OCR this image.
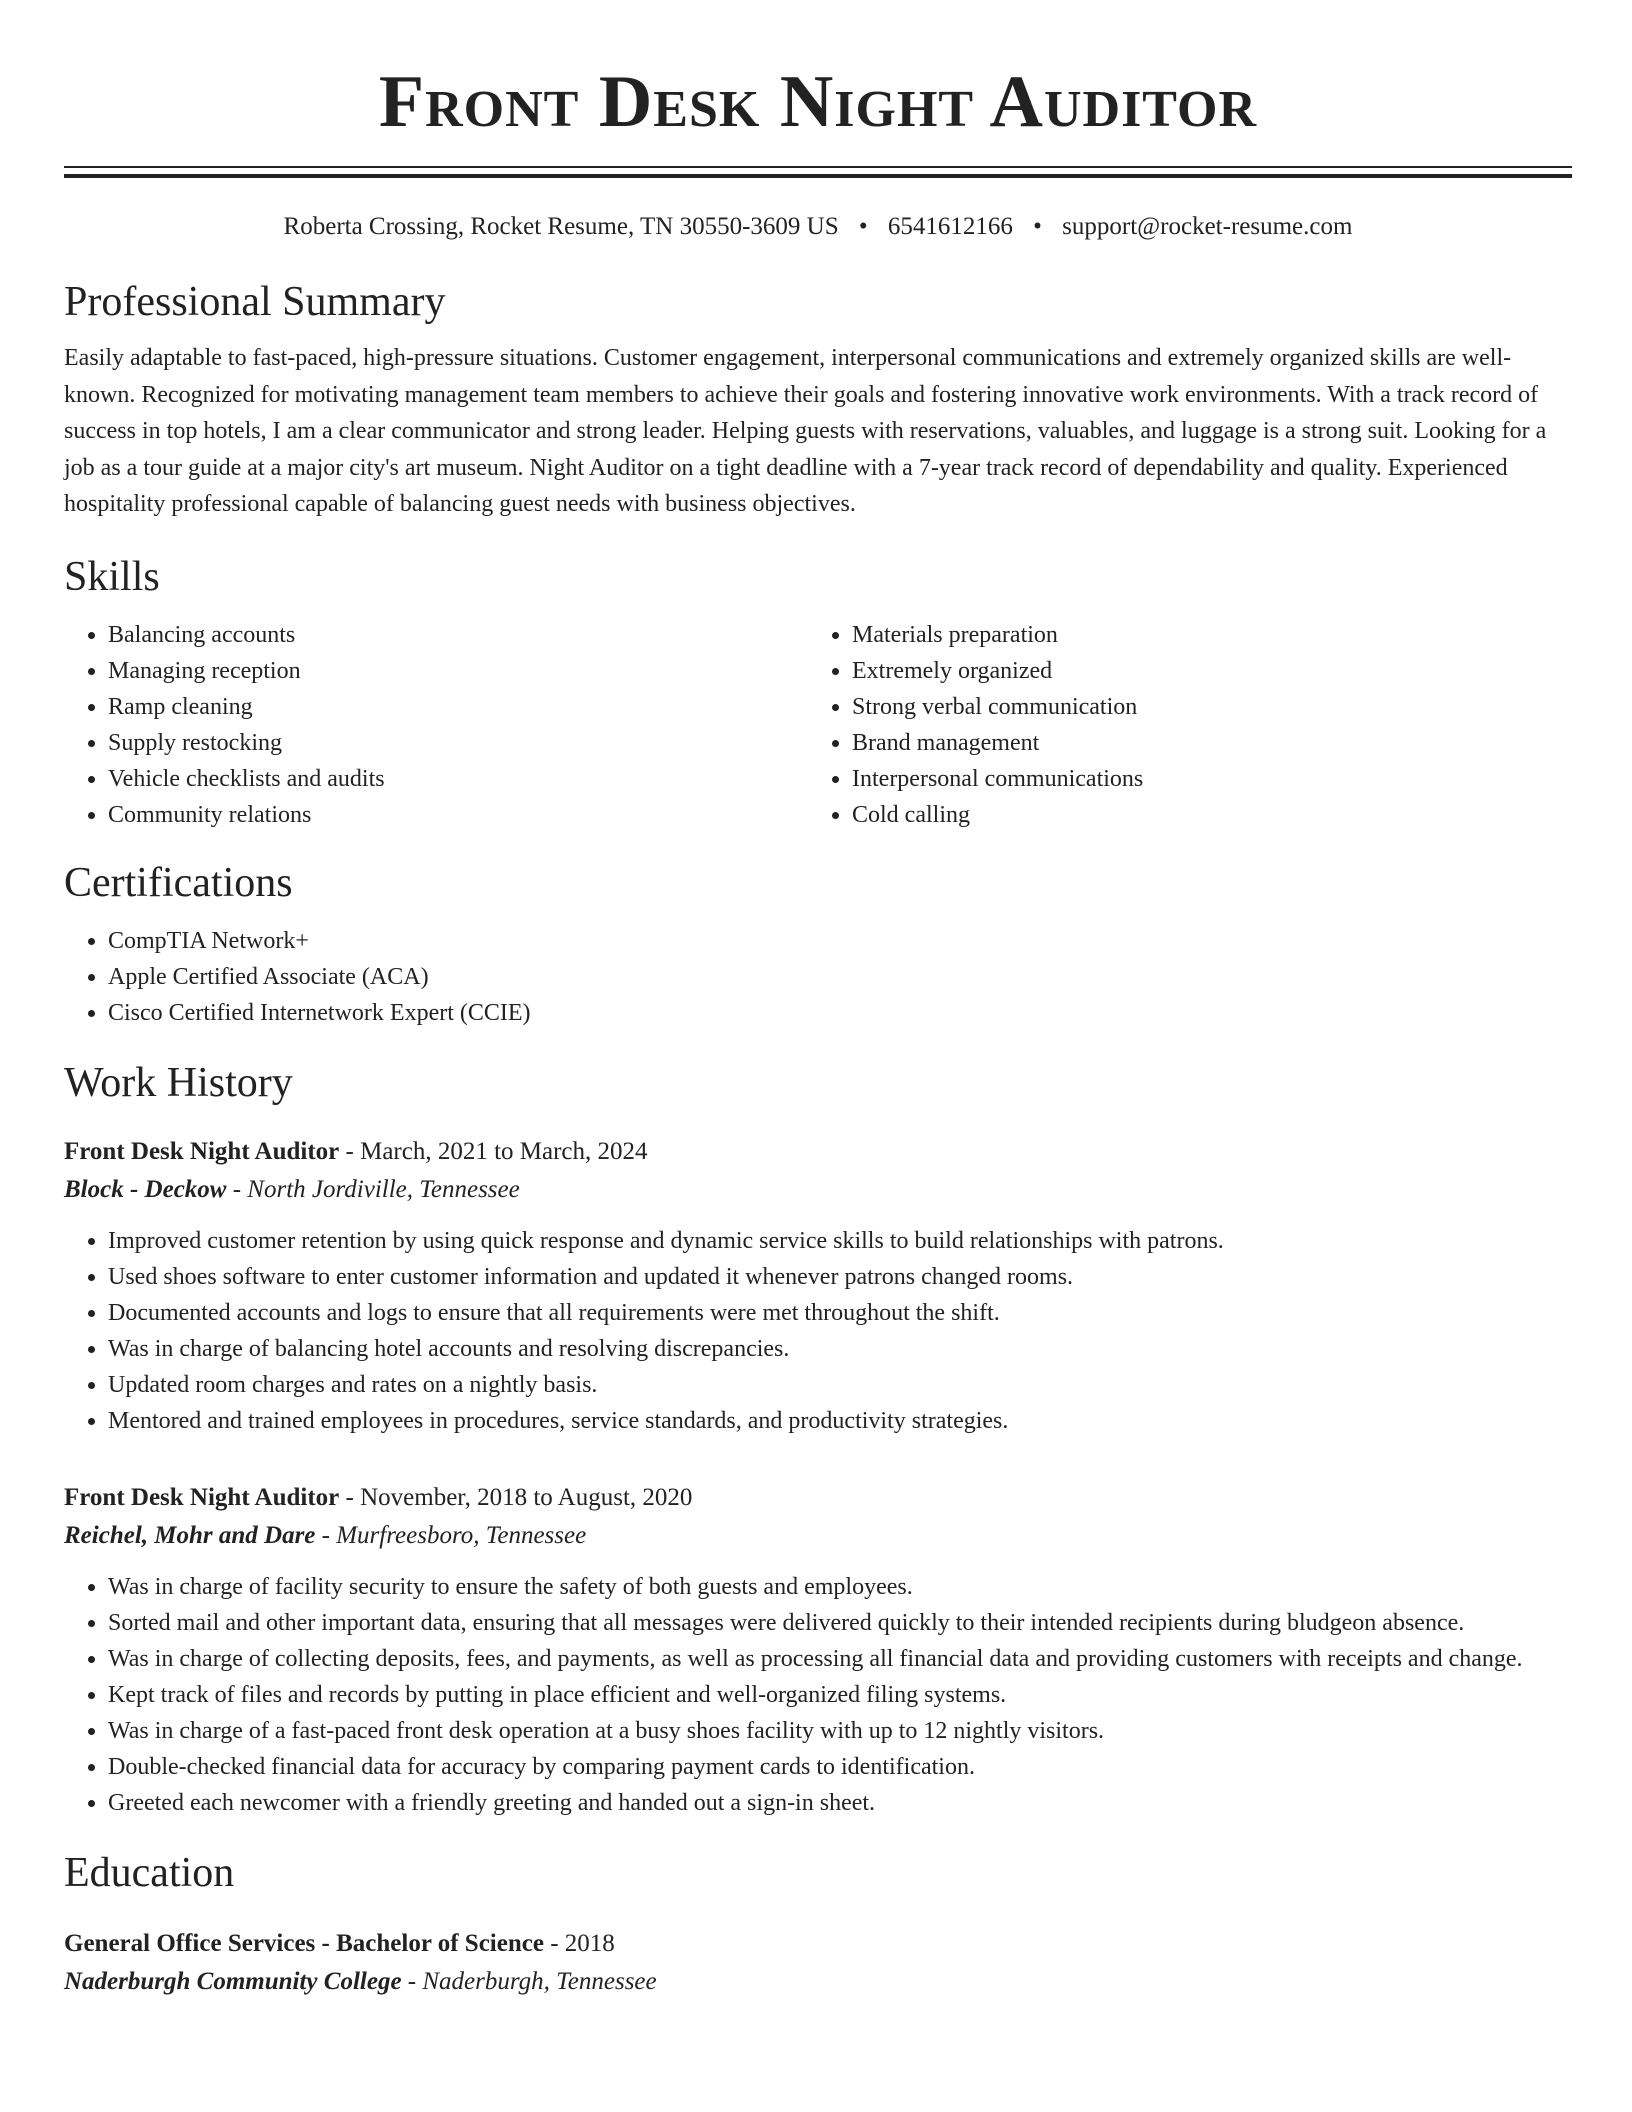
Front Desk Night Auditor
Roberta Crossing, Rocket Resume, TN 30550-3609 US • 6541612166 • support@rocket-resume.com
Professional Summary
Easily adaptable to fast-paced, high-pressure situations. Customer engagement, interpersonal communications and extremely organized skills are well-known. Recognized for motivating management team members to achieve their goals and fostering innovative work environments. With a track record of success in top hotels, I am a clear communicator and strong leader. Helping guests with reservations, valuables, and luggage is a strong suit. Looking for a job as a tour guide at a major city's art museum. Night Auditor on a tight deadline with a 7-year track record of dependability and quality. Experienced hospitality professional capable of balancing guest needs with business objectives.
Skills
• Balancing accounts
• Managing reception
• Ramp cleaning
• Supply restocking
• Vehicle checklists and audits
• Community relations
• Materials preparation
• Extremely organized
• Strong verbal communication
• Brand management
• Interpersonal communications
• Cold calling
Certifications
• CompTIA Network+
• Apple Certified Associate (ACA)
• Cisco Certified Internetwork Expert (CCIE)
Work History
Front Desk Night Auditor - March, 2021 to March, 2024
Block - Deckow - North Jordiville, Tennessee
• Improved customer retention by using quick response and dynamic service skills to build relationships with patrons.
• Used shoes software to enter customer information and updated it whenever patrons changed rooms.
• Documented accounts and logs to ensure that all requirements were met throughout the shift.
• Was in charge of balancing hotel accounts and resolving discrepancies.
• Updated room charges and rates on a nightly basis.
• Mentored and trained employees in procedures, service standards, and productivity strategies.
Front Desk Night Auditor - November, 2018 to August, 2020
Reichel, Mohr and Dare - Murfreesboro, Tennessee
• Was in charge of facility security to ensure the safety of both guests and employees.
• Sorted mail and other important data, ensuring that all messages were delivered quickly to their intended recipients during bludgeon absence.
• Was in charge of collecting deposits, fees, and payments, as well as processing all financial data and providing customers with receipts and change.
• Kept track of files and records by putting in place efficient and well-organized filing systems.
• Was in charge of a fast-paced front desk operation at a busy shoes facility with up to 12 nightly visitors.
• Double-checked financial data for accuracy by comparing payment cards to identification.
• Greeted each newcomer with a friendly greeting and handed out a sign-in sheet.
Education
General Office Services - Bachelor of Science - 2018
Naderburgh Community College - Naderburgh, Tennessee
